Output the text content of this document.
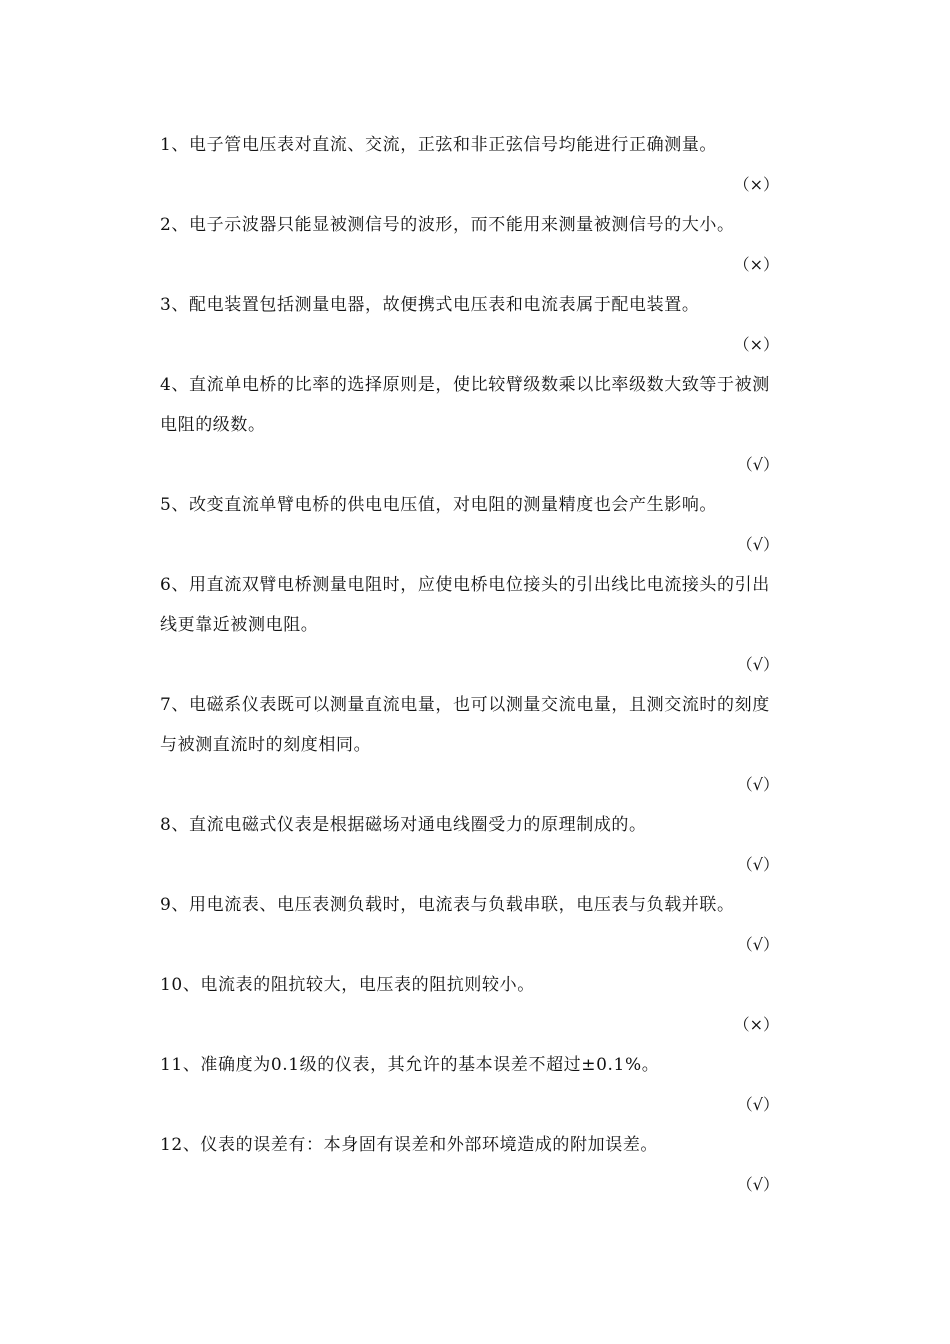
1、电子管电压表对直流、交流，正弦和非正弦信号均能进行正确测量。

（×）

2、电子示波器只能显被测信号的波形，而不能用来测量被测信号的大小。

（×）

3、配电装置包括测量电器，故便携式电压表和电流表属于配电装置。

（×）

4、直流单电桥的比率的选择原则是，使比较臂级数乘以比率级数大致等于被测电阻的级数。

（√）

5、改变直流单臂电桥的供电电压值，对电阻的测量精度也会产生影响。

（√）

6、用直流双臂电桥测量电阻时，应使电桥电位接头的引出线比电流接头的引出线更靠近被测电阻。

（√）

7、电磁系仪表既可以测量直流电量，也可以测量交流电量，且测交流时的刻度与被测直流时的刻度相同。

（√）

8、直流电磁式仪表是根据磁场对通电线圈受力的原理制成的。

（√）

9、用电流表、电压表测负载时，电流表与负载串联，电压表与负载并联。

（√）

10、电流表的阻抗较大，电压表的阻抗则较小。

（×）

11、准确度为0.1级的仪表，其允许的基本误差不超过±0.1%。

（√）

12、仪表的误差有：本身固有误差和外部环境造成的附加误差。

（√）
